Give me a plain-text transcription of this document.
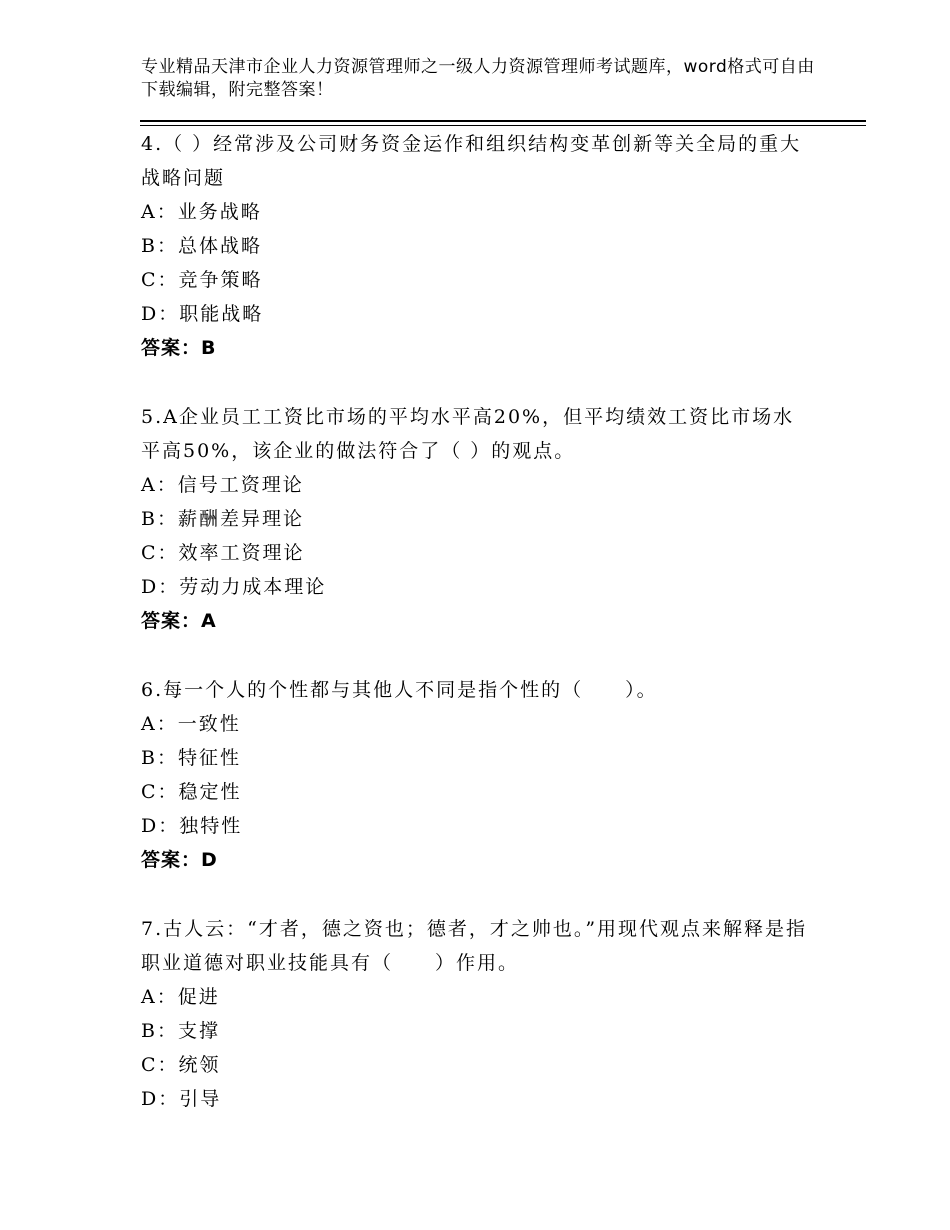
专业精品天津市企业人力资源管理师之一级人力资源管理师考试题库，word格式可自由下载编辑，附完整答案！
4.（ ）经常涉及公司财务资金运作和组织结构变革创新等关全局的重大战略问题
A：业务战略
B：总体战略
C：竞争策略
D：职能战略
答案：B
5.A企业员工工资比市场的平均水平高20%，但平均绩效工资比市场水平高50%，该企业的做法符合了（ ）的观点。
A：信号工资理论
B：薪酬差异理论
C：效率工资理论
D：劳动力成本理论
答案：A
6.每一个人的个性都与其他人不同是指个性的（　　）。
A：一致性
B：特征性
C：稳定性
D：独特性
答案：D
7.古人云：“才者，德之资也；德者，才之帅也。”用现代观点来解释是指职业道德对职业技能具有（　　）作用。
A：促进
B：支撑
C：统领
D：引导
